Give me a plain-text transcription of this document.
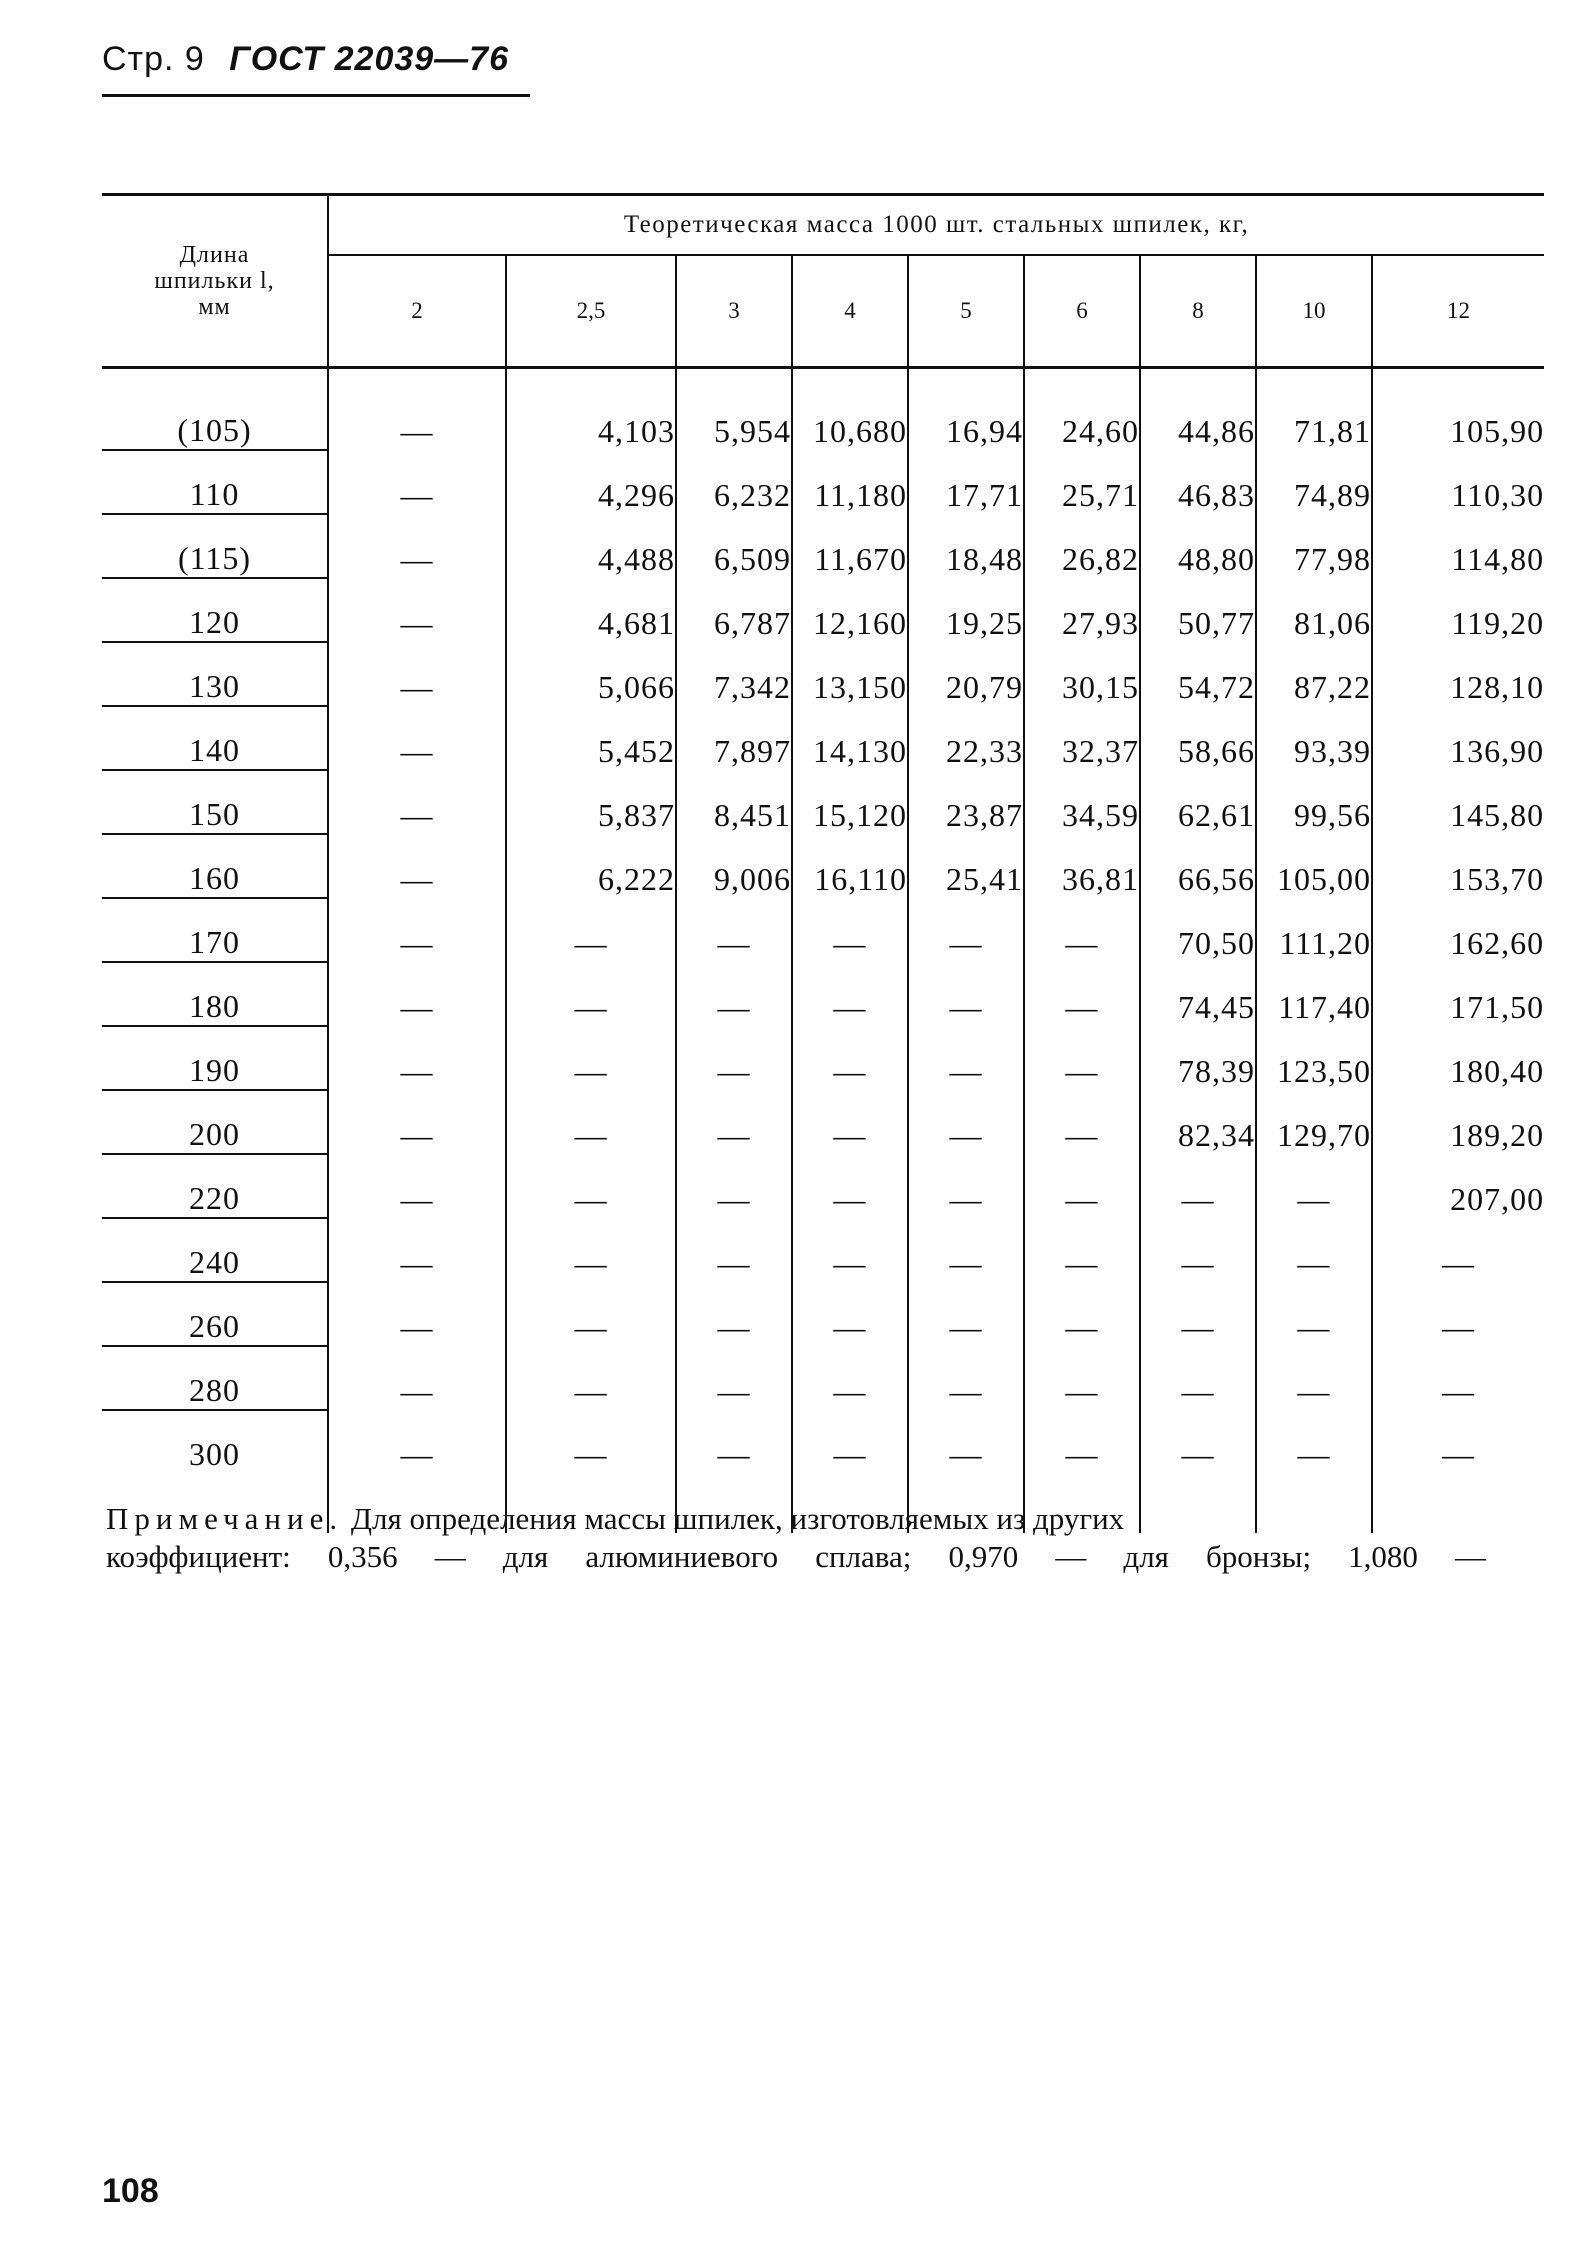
Стр. 9 ГОСТ 22039—76
Длина
шпильки l,
мм	Теоретическая масса 1000 шт. стальных шпилек, кг,								
	2	2,5	3	4	5	6	8	10	12
(105)	—	4,103	5,954	10,680	16,94	24,60	44,86	71,81	105,90
110	—	4,296	6,232	11,180	17,71	25,71	46,83	74,89	110,30
(115)	—	4,488	6,509	11,670	18,48	26,82	48,80	77,98	114,80
120	—	4,681	6,787	12,160	19,25	27,93	50,77	81,06	119,20
130	—	5,066	7,342	13,150	20,79	30,15	54,72	87,22	128,10
140	—	5,452	7,897	14,130	22,33	32,37	58,66	93,39	136,90
150	—	5,837	8,451	15,120	23,87	34,59	62,61	99,56	145,80
160	—	6,222	9,006	16,110	25,41	36,81	66,56	105,00	153,70
170	—	—	—	—	—	—	70,50	111,20	162,60
180	—	—	—	—	—	—	74,45	117,40	171,50
190	—	—	—	—	—	—	78,39	123,50	180,40
200	—	—	—	—	—	—	82,34	129,70	189,20
220	—	—	—	—	—	—	—	—	207,00
240	—	—	—	—	—	—	—	—	—
260	—	—	—	—	—	—	—	—	—
280	—	—	—	—	—	—	—	—	—
300	—	—	—	—	—	—	—	—	—

Примечание. Для определения массы шпилек, изготовляемых из других
коэффициент: 0,356 — для алюминиевого сплава; 0,970 — для бронзы; 1,080 —
108
